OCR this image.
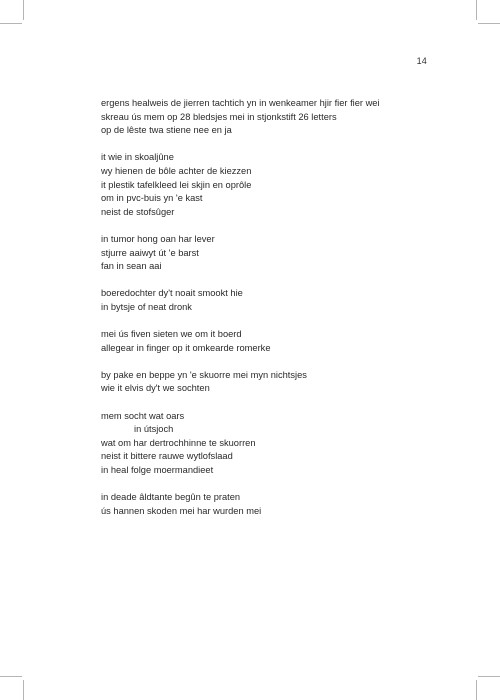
14
ergens healweis de jierren tachtich yn in wenkeamer hjir fier fier wei
skreau ús mem op 28 bledsjes mei in stjonkstift 26 letters
op de lêste twa stiene nee en ja
it wie in skoaljûne
wy hienen de bôle achter de kiezzen
it plestik tafelkleed lei skjin en oprôle
om in pvc-buis yn 'e kast
neist de stofsûger
in tumor hong oan har lever
stjurre aaiwyt út 'e barst
fan in sean aai
boeredochter dy't noait smookt hie
in bytsje of neat dronk
mei ús fiven sieten we om it boerd
allegear in finger op it omkearde romerke
by pake en beppe yn 'e skuorre mei myn nichtsjes
wie it elvis dy't we sochten
mem socht wat oars
in útsjoch
wat om har dertrochhinne te skuorren
neist it bittere rauwe wytlofslaad
in heal folge moermandieet
in deade âldtante begûn te praten
ús hannen skoden mei har wurden mei
